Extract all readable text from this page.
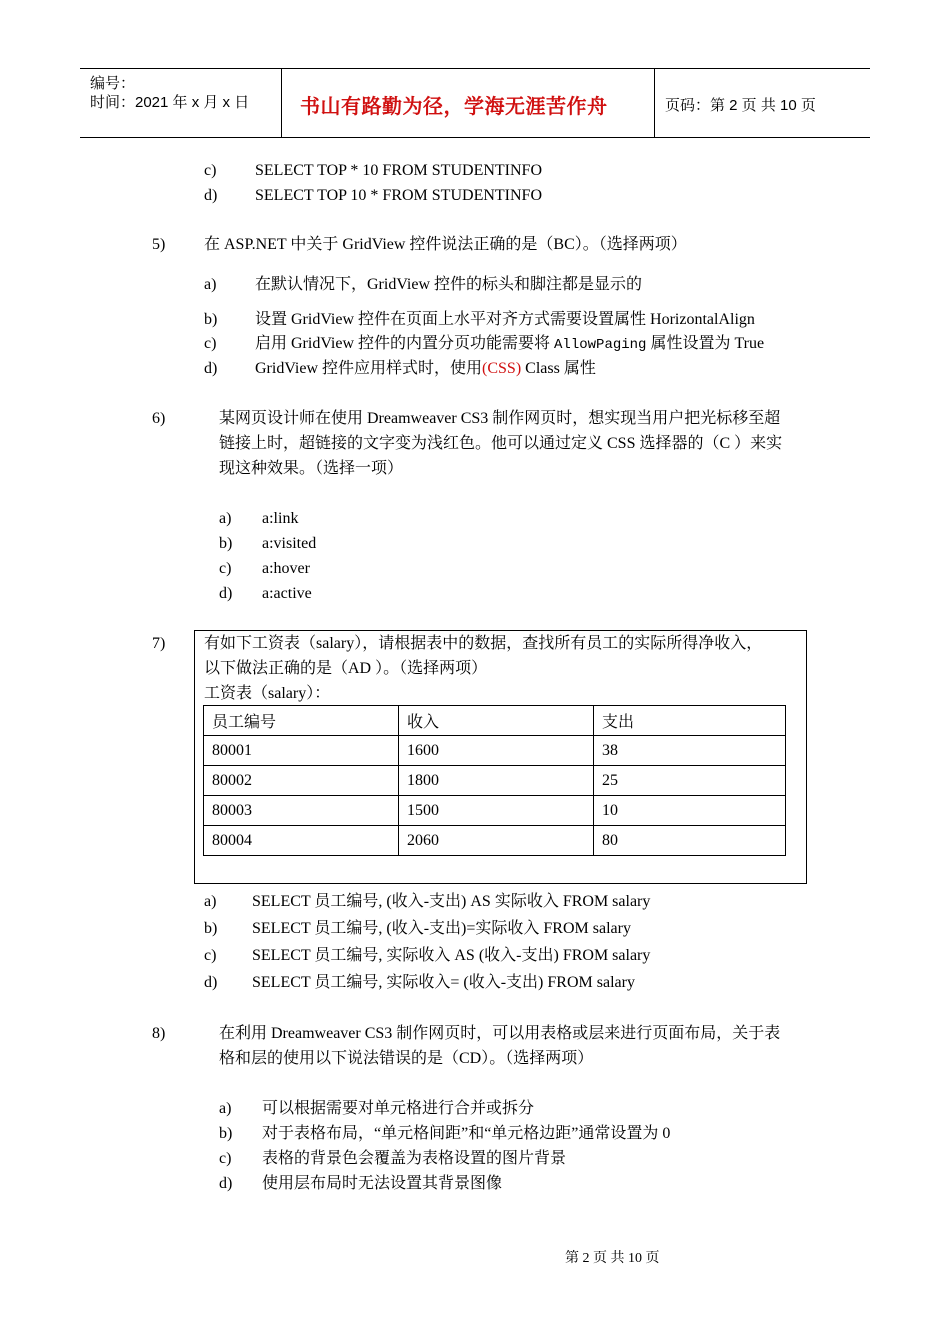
编号：
时间：2021 年 x 月 x 日	书山有路勤为径，学海无涯苦作舟	页码：第 2 页 共 10 页
c) SELECT TOP * 10 FROM STUDENTINFO
d) SELECT TOP 10 * FROM STUDENTINFO
5) 在 ASP.NET 中关于 GridView 控件说法正确的是（BC）。（选择两项）
a) 在默认情况下，GridView 控件的标头和脚注都是显示的
b) 设置 GridView 控件在页面上水平对齐方式需要设置属性 HorizontalAlign
c) 启用 GridView 控件的内置分页功能需要将 AllowPaging 属性设置为 True
d) GridView 控件应用样式时，使用(CSS) Class 属性
6)	某网页设计师在使用 Dreamweaver CS3 制作网页时，想实现当用户把光标移至超
链接上时，超链接的文字变为浅红色。他可以通过定义 CSS 选择器的（C ）来实
现这种效果。（选择一项）
a) a:link
b) a:visited
c) a:hover
d) a:active
7) 有如下工资表（salary），请根据表中的数据，查找所有员工的实际所得净收入，
以下做法正确的是（AD ）。（选择两项）
工资表（salary）：
员工编号	收入	支出
80001	1600	38
80002	1800	25
80003	1500	10
80004	2060	80
a) SELECT 员工编号, (收入-支出) AS 实际收入 FROM salary
b) SELECT 员工编号, (收入-支出)=实际收入 FROM salary
c) SELECT 员工编号, 实际收入 AS (收入-支出) FROM salary
d) SELECT 员工编号, 实际收入= (收入-支出) FROM salary
8)	在利用 Dreamweaver CS3 制作网页时，可以用表格或层来进行页面布局，关于表
格和层的使用以下说法错误的是（CD）。（选择两项）
a) 可以根据需要对单元格进行合并或拆分
b) 对于表格布局，“单元格间距”和“单元格边距”通常设置为 0
c) 表格的背景色会覆盖为表格设置的图片背景
d) 使用层布局时无法设置其背景图像
第 2 页 共 10 页
